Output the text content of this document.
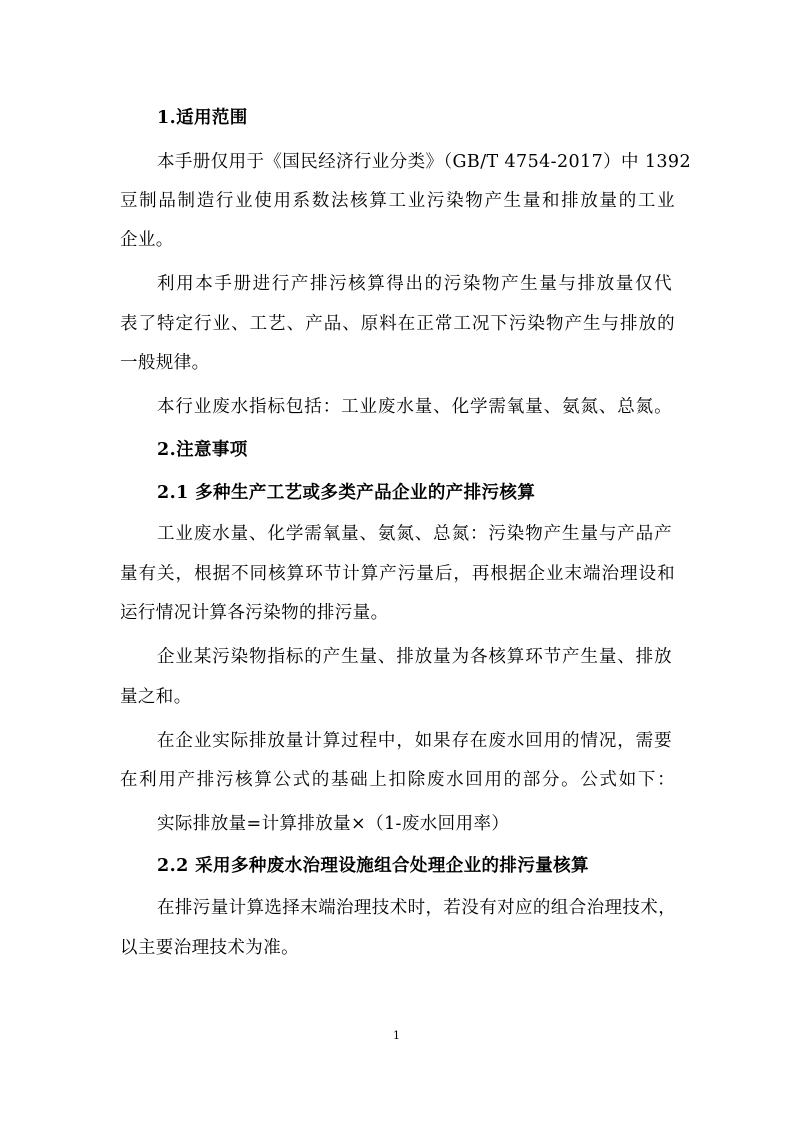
1.适用范围
本手册仅用于《国民经济行业分类》（GB/T 4754-2017）中 1392
豆制品制造行业使用系数法核算工业污染物产生量和排放量的工业
企业。
利用本手册进行产排污核算得出的污染物产生量与排放量仅代
表了特定行业、工艺、产品、原料在正常工况下污染物产生与排放的
一般规律。
本行业废水指标包括：工业废水量、化学需氧量、氨氮、总氮。
2.注意事项
2.1 多种生产工艺或多类产品企业的产排污核算
工业废水量、化学需氧量、氨氮、总氮：污染物产生量与产品产
量有关，根据不同核算环节计算产污量后，再根据企业末端治理设和
运行情况计算各污染物的排污量。
企业某污染物指标的产生量、排放量为各核算环节产生量、排放
量之和。
在企业实际排放量计算过程中，如果存在废水回用的情况，需要
在利用产排污核算公式的基础上扣除废水回用的部分。公式如下：
实际排放量=计算排放量×（1-废水回用率）
2.2 采用多种废水治理设施组合处理企业的排污量核算
在排污量计算选择末端治理技术时，若没有对应的组合治理技术，
以主要治理技术为准。
1
